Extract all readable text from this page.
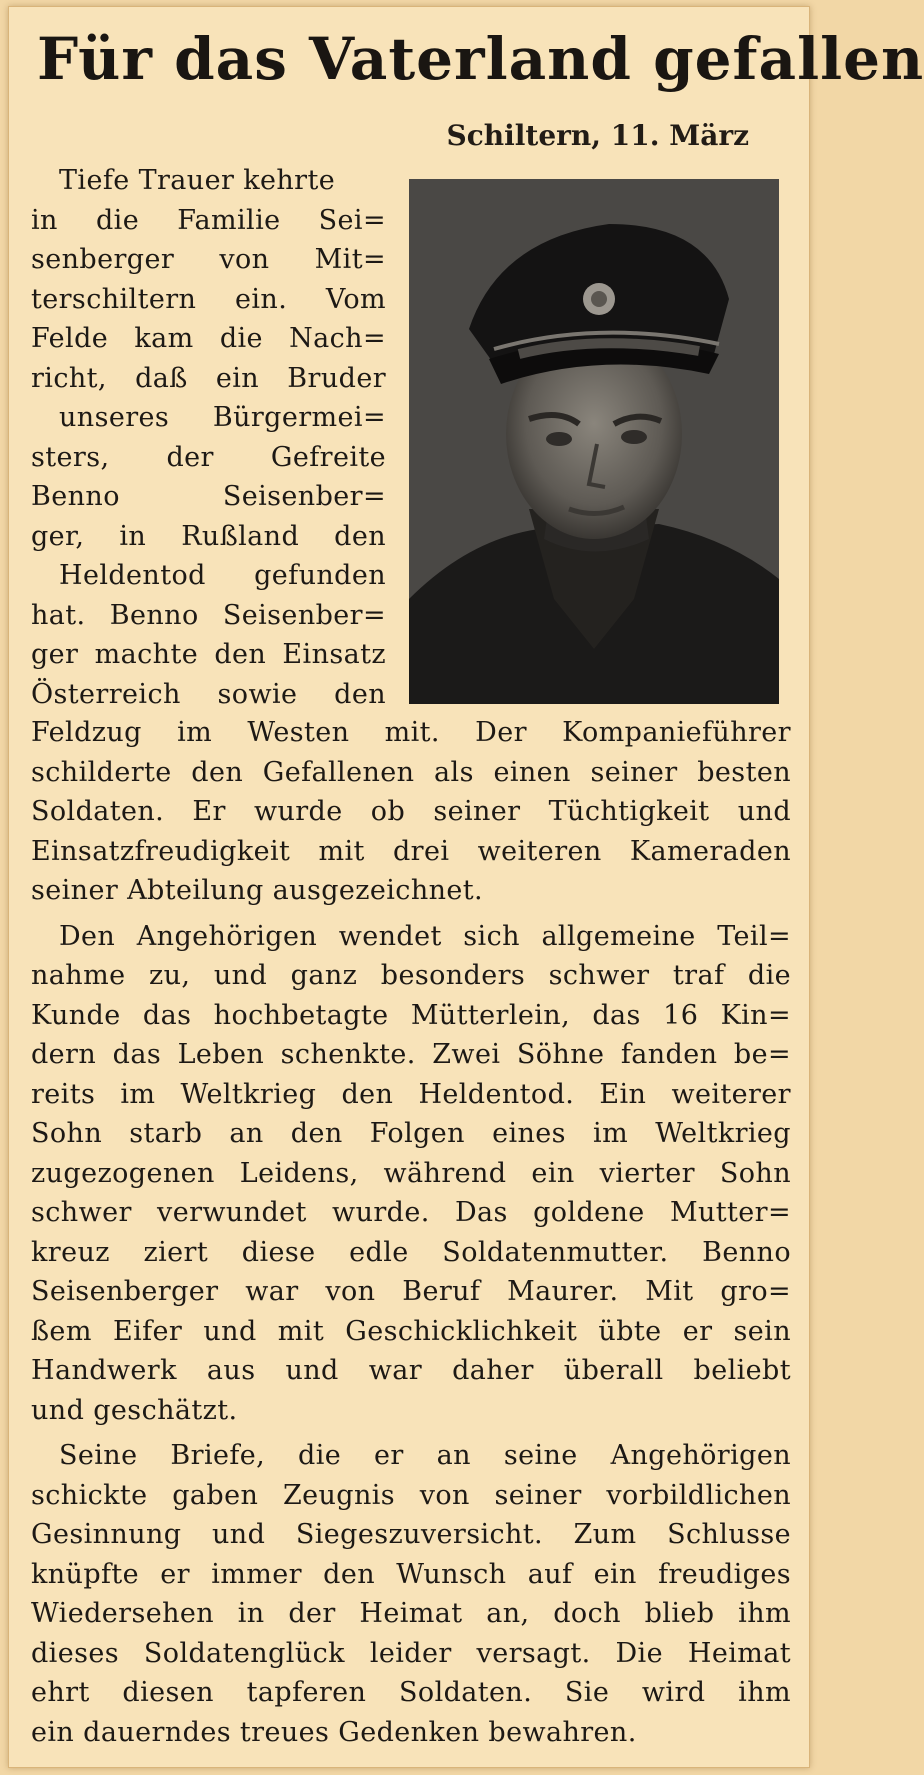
Für das Vaterland gefallen
Schiltern, 11. März
Tiefe Trauer kehrte
in die Familie Sei=
senberger von Mit=
terschiltern ein. Vom
Felde kam die Nach=
richt, daß ein Bruder
unseres Bürgermei=
sters, der Gefreite
Benno Seisenber=
ger, in Rußland den
Heldentod gefunden
hat. Benno Seisenber=
ger machte den Einsatz
Österreich sowie den
Feldzug im Westen mit. Der Kompanieführer
schilderte den Gefallenen als einen seiner besten
Soldaten. Er wurde ob seiner Tüchtigkeit und
Einsatzfreudigkeit mit drei weiteren Kameraden
seiner Abteilung ausgezeichnet.
Den Angehörigen wendet sich allgemeine Teil=
nahme zu, und ganz besonders schwer traf die
Kunde das hochbetagte Mütterlein, das 16 Kin=
dern das Leben schenkte. Zwei Söhne fanden be=
reits im Weltkrieg den Heldentod. Ein weiterer
Sohn starb an den Folgen eines im Weltkrieg
zugezogenen Leidens, während ein vierter Sohn
schwer verwundet wurde. Das goldene Mutter=
kreuz ziert diese edle Soldatenmutter. Benno
Seisenberger war von Beruf Maurer. Mit gro=
ßem Eifer und mit Geschicklichkeit übte er sein
Handwerk aus und war daher überall beliebt
und geschätzt.
Seine Briefe, die er an seine Angehörigen
schickte gaben Zeugnis von seiner vorbildlichen
Gesinnung und Siegeszuversicht. Zum Schlusse
knüpfte er immer den Wunsch auf ein freudiges
Wiedersehen in der Heimat an, doch blieb ihm
dieses Soldatenglück leider versagt. Die Heimat
ehrt diesen tapferen Soldaten. Sie wird ihm
ein dauerndes treues Gedenken bewahren.
